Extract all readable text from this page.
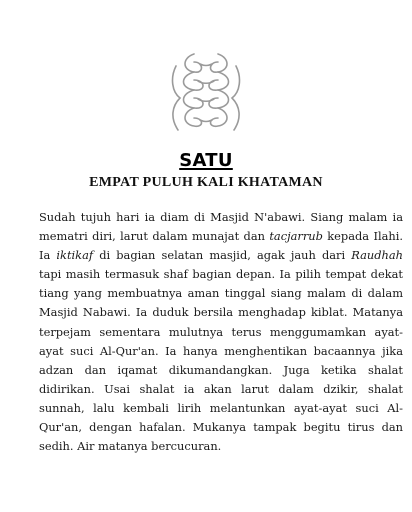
SATU
EMPAT PULUH KALI KHATAMAN

Sudah tujuh hari ia diam di Masjid N'abawi. Siang malam ia mematri diri, larut dalam munajat dan tacjarrub kepada Ilahi. Ia iktikaf di bagian selatan masjid, agak jauh dari Raudhah tapi masih termasuk shaf bagian depan. Ia pilih tempat dekat tiang yang membuatnya aman tinggal siang malam di dalam Masjid Nabawi. Ia duduk bersila menghadap kiblat. Matanya terpejam sementara mulutnya terus menggumamkan ayat-ayat suci Al-Qur'an. Ia hanya menghentikan bacaannya jika adzan dan iqamat dikumandangkan. Juga ketika shalat didirikan. Usai shalat ia akan larut dalam dzikir, shalat sunnah, lalu kembali lirih melantunkan ayat-ayat suci Al-Qur'an, dengan hafalan. Mukanya tampak begitu tirus dan sedih. Air matanya bercucuran.
